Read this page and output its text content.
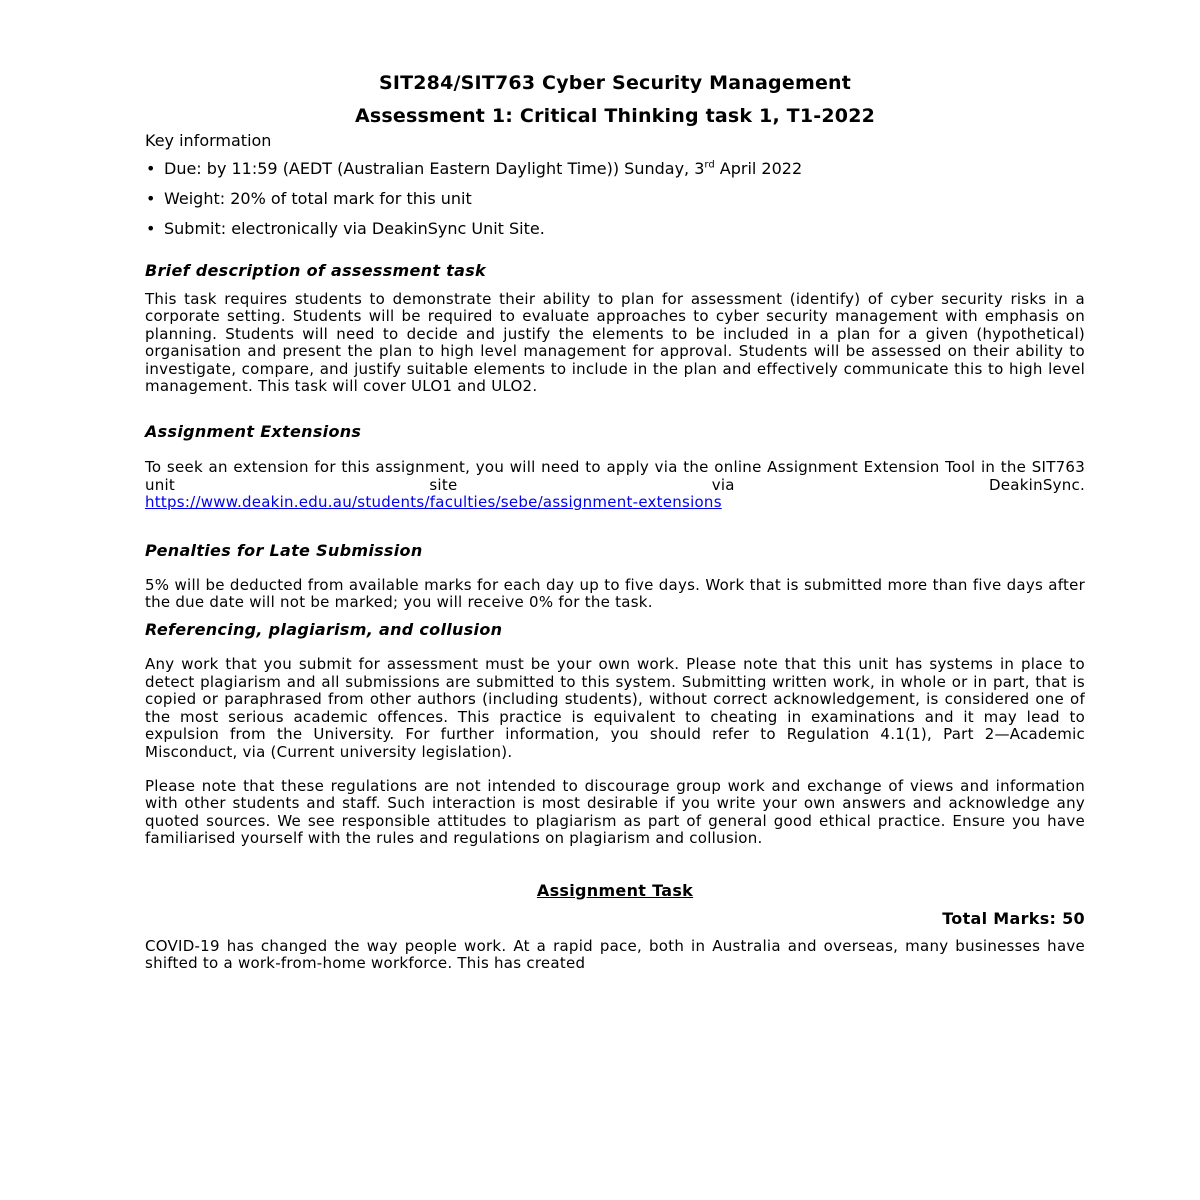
SIT284/SIT763 Cyber Security Management

Assessment 1: Critical Thinking task 1, T1-2022

Key information

• Due: by 11:59 (AEDT (Australian Eastern Daylight Time)) Sunday, 3rd April 2022
• Weight: 20% of total mark for this unit
• Submit: electronically via DeakinSync Unit Site.

Brief description of assessment task

This task requires students to demonstrate their ability to plan for assessment (identify) of cyber security risks in a corporate setting. Students will be required to evaluate approaches to cyber security management with emphasis on planning. Students will need to decide and justify the elements to be included in a plan for a given (hypothetical) organisation and present the plan to high level management for approval. Students will be assessed on their ability to investigate, compare, and justify suitable elements to include in the plan and effectively communicate this to high level management. This task will cover ULO1 and ULO2.

Assignment Extensions

To seek an extension for this assignment, you will need to apply via the online Assignment Extension Tool in the SIT763 unit site via DeakinSync.

https://www.deakin.edu.au/students/faculties/sebe/assignment-extensions

Penalties for Late Submission

5% will be deducted from available marks for each day up to five days. Work that is submitted more than five days after the due date will not be marked; you will receive 0% for the task.

Referencing, plagiarism, and collusion

Any work that you submit for assessment must be your own work. Please note that this unit has systems in place to detect plagiarism and all submissions are submitted to this system. Submitting written work, in whole or in part, that is copied or paraphrased from other authors (including students), without correct acknowledgement, is considered one of the most serious academic offences. This practice is equivalent to cheating in examinations and it may lead to expulsion from the University. For further information, you should refer to Regulation 4.1(1), Part 2—Academic Misconduct, via (Current university legislation).

Please note that these regulations are not intended to discourage group work and exchange of views and information with other students and staff. Such interaction is most desirable if you write your own answers and acknowledge any quoted sources. We see responsible attitudes to plagiarism as part of general good ethical practice. Ensure you have familiarised yourself with the rules and regulations on plagiarism and collusion.

Assignment Task

Total Marks: 50

COVID-19 has changed the way people work. At a rapid pace, both in Australia and overseas, many businesses have shifted to a work-from-home workforce. This has created
